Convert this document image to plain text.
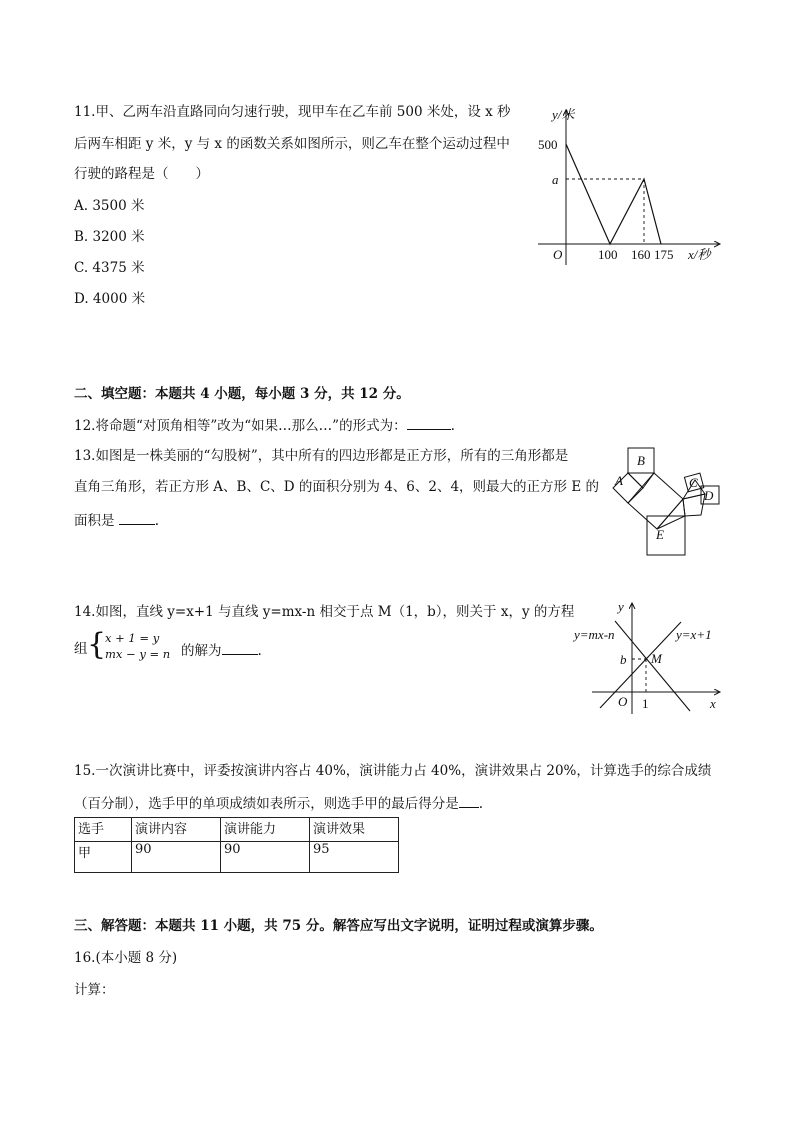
11.甲、乙两车沿直路同向匀速行驶，现甲车在乙车前 500 米处，设 x 秒
后两车相距 y 米，y 与 x 的函数关系如图所示，则乙车在整个运动过程中
行驶的路程是（　　）
A. 3500 米
B. 3200 米
C. 4375 米
D. 4000 米
y/米
500
a
O	100 160 175 x/秒
二、填空题：本题共 4 小题，每小题 3 分，共 12 分。
12.将命题“对顶角相等”改为“如果…那么…”的形式为：	.
13.如图是一株美丽的“勾股树”，其中所有的四边形都是正方形，所有的三角形都是
直角三角形，若正方形 A、B、C、D 的面积分别为 4、6、2、4，则最大的正方形 E 的
面积是	.
B
A	C
D
E
14.如图，直线 y=x+1 与直线 y=mx-n 相交于点 M（1，b），则关于 x，y 的方程
组 {
x + 1 = y
mx − y = n 的解为	.
y
x
O
y=mx-n	y=x+1
M
b
1
15.一次演讲比赛中，评委按演讲内容占 40%，演讲能力占 40%，演讲效果占 20%，计算选手的综合成绩
（百分制），选手甲的单项成绩如表所示，则选手甲的最后得分是 .
选手	演讲内容	演讲能力	演讲效果
甲	90	90	95
三、解答题：本题共 11 小题，共 75 分。解答应写出文字说明，证明过程或演算步骤。
16.(本小题 8 分)
计算：
